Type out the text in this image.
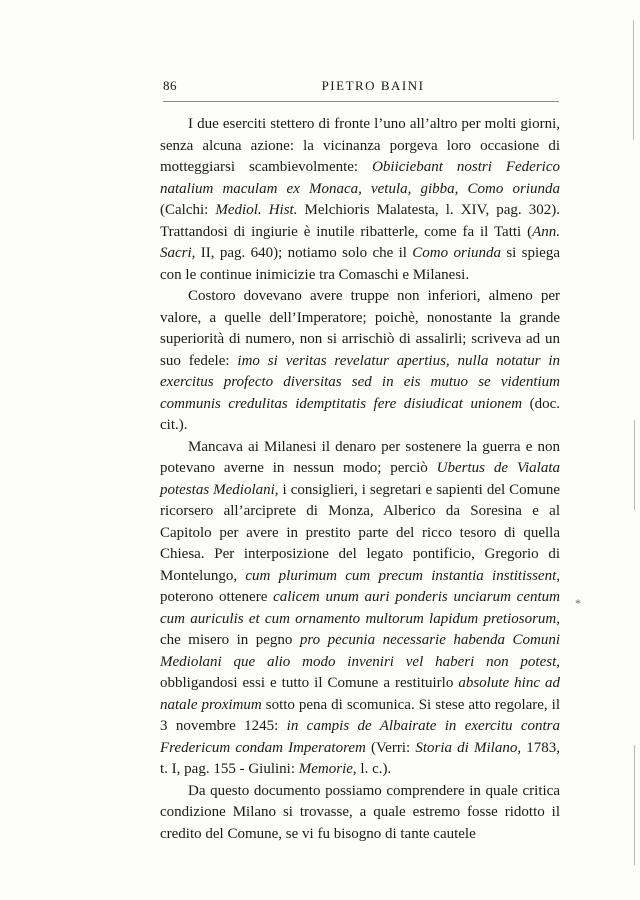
86	PIETRO BAINI

I due eserciti stettero di fronte l’uno all’altro per molti giorni, senza alcuna azione: la vicinanza porgeva loro occasione di motteggiarsi scambievolmente: Obiiciebant nostri Federico natalium maculam ex Monaca, vetula, gibba, Como oriunda (Calchi: Mediol. Hist. Melchioris Malatesta, l. XIV, pag. 302). Trattandosi di ingiurie è inutile ribatterle, come fa il Tatti (Ann. Sacri, II, pag. 640); notiamo solo che il Como oriunda si spiega con le continue inimicizie tra Comaschi e Milanesi.

Costoro dovevano avere truppe non inferiori, almeno per valore, a quelle dell’Imperatore; poichè, nonostante la grande superiorità di numero, non si arrischiò di assalirli; scriveva ad un suo fedele: imo si veritas revelatur apertius, nulla notatur in exercitus profecto diversitas sed in eis mutuo se videntium communis credulitas idemptitatis fere disiudicat unionem (doc. cit.).

Mancava ai Milanesi il denaro per sostenere la guerra e non potevano averne in nessun modo; perciò Ubertus de Vialata potestas Mediolani, i consiglieri, i segretari e sapienti del Comune ricorsero all’arciprete di Monza, Alberico da Soresina e al Capitolo per avere in prestito parte del ricco tesoro di quella Chiesa. Per interposizione del legato pontificio, Gregorio di Montelungo, cum plurimum cum precum instantia institissent, poterono ottenere calicem unum auri ponderis unciarum centum cum auriculis et cum ornamento multorum lapidum pretiosorum, che misero in pegno pro pecunia necessarie habenda Comuni Mediolani que alio modo inveniri vel haberi non potest, obbligandosi essi e tutto il Comune a restituirlo absolute hinc ad natale proximum sotto pena di scomunica. Si stese atto regolare, il 3 novembre 1245: in campis de Albairate in exercitu contra Fredericum condam Imperatorem (Verri: Storia di Milano, 1783, t. I, pag. 155 - Giulini: Memorie, l. c.).

Da questo documento possiamo comprendere in quale critica condizione Milano si trovasse, a quale estremo fosse ridotto il credito del Comune, se vi fu bisogno di tante cautele

*
